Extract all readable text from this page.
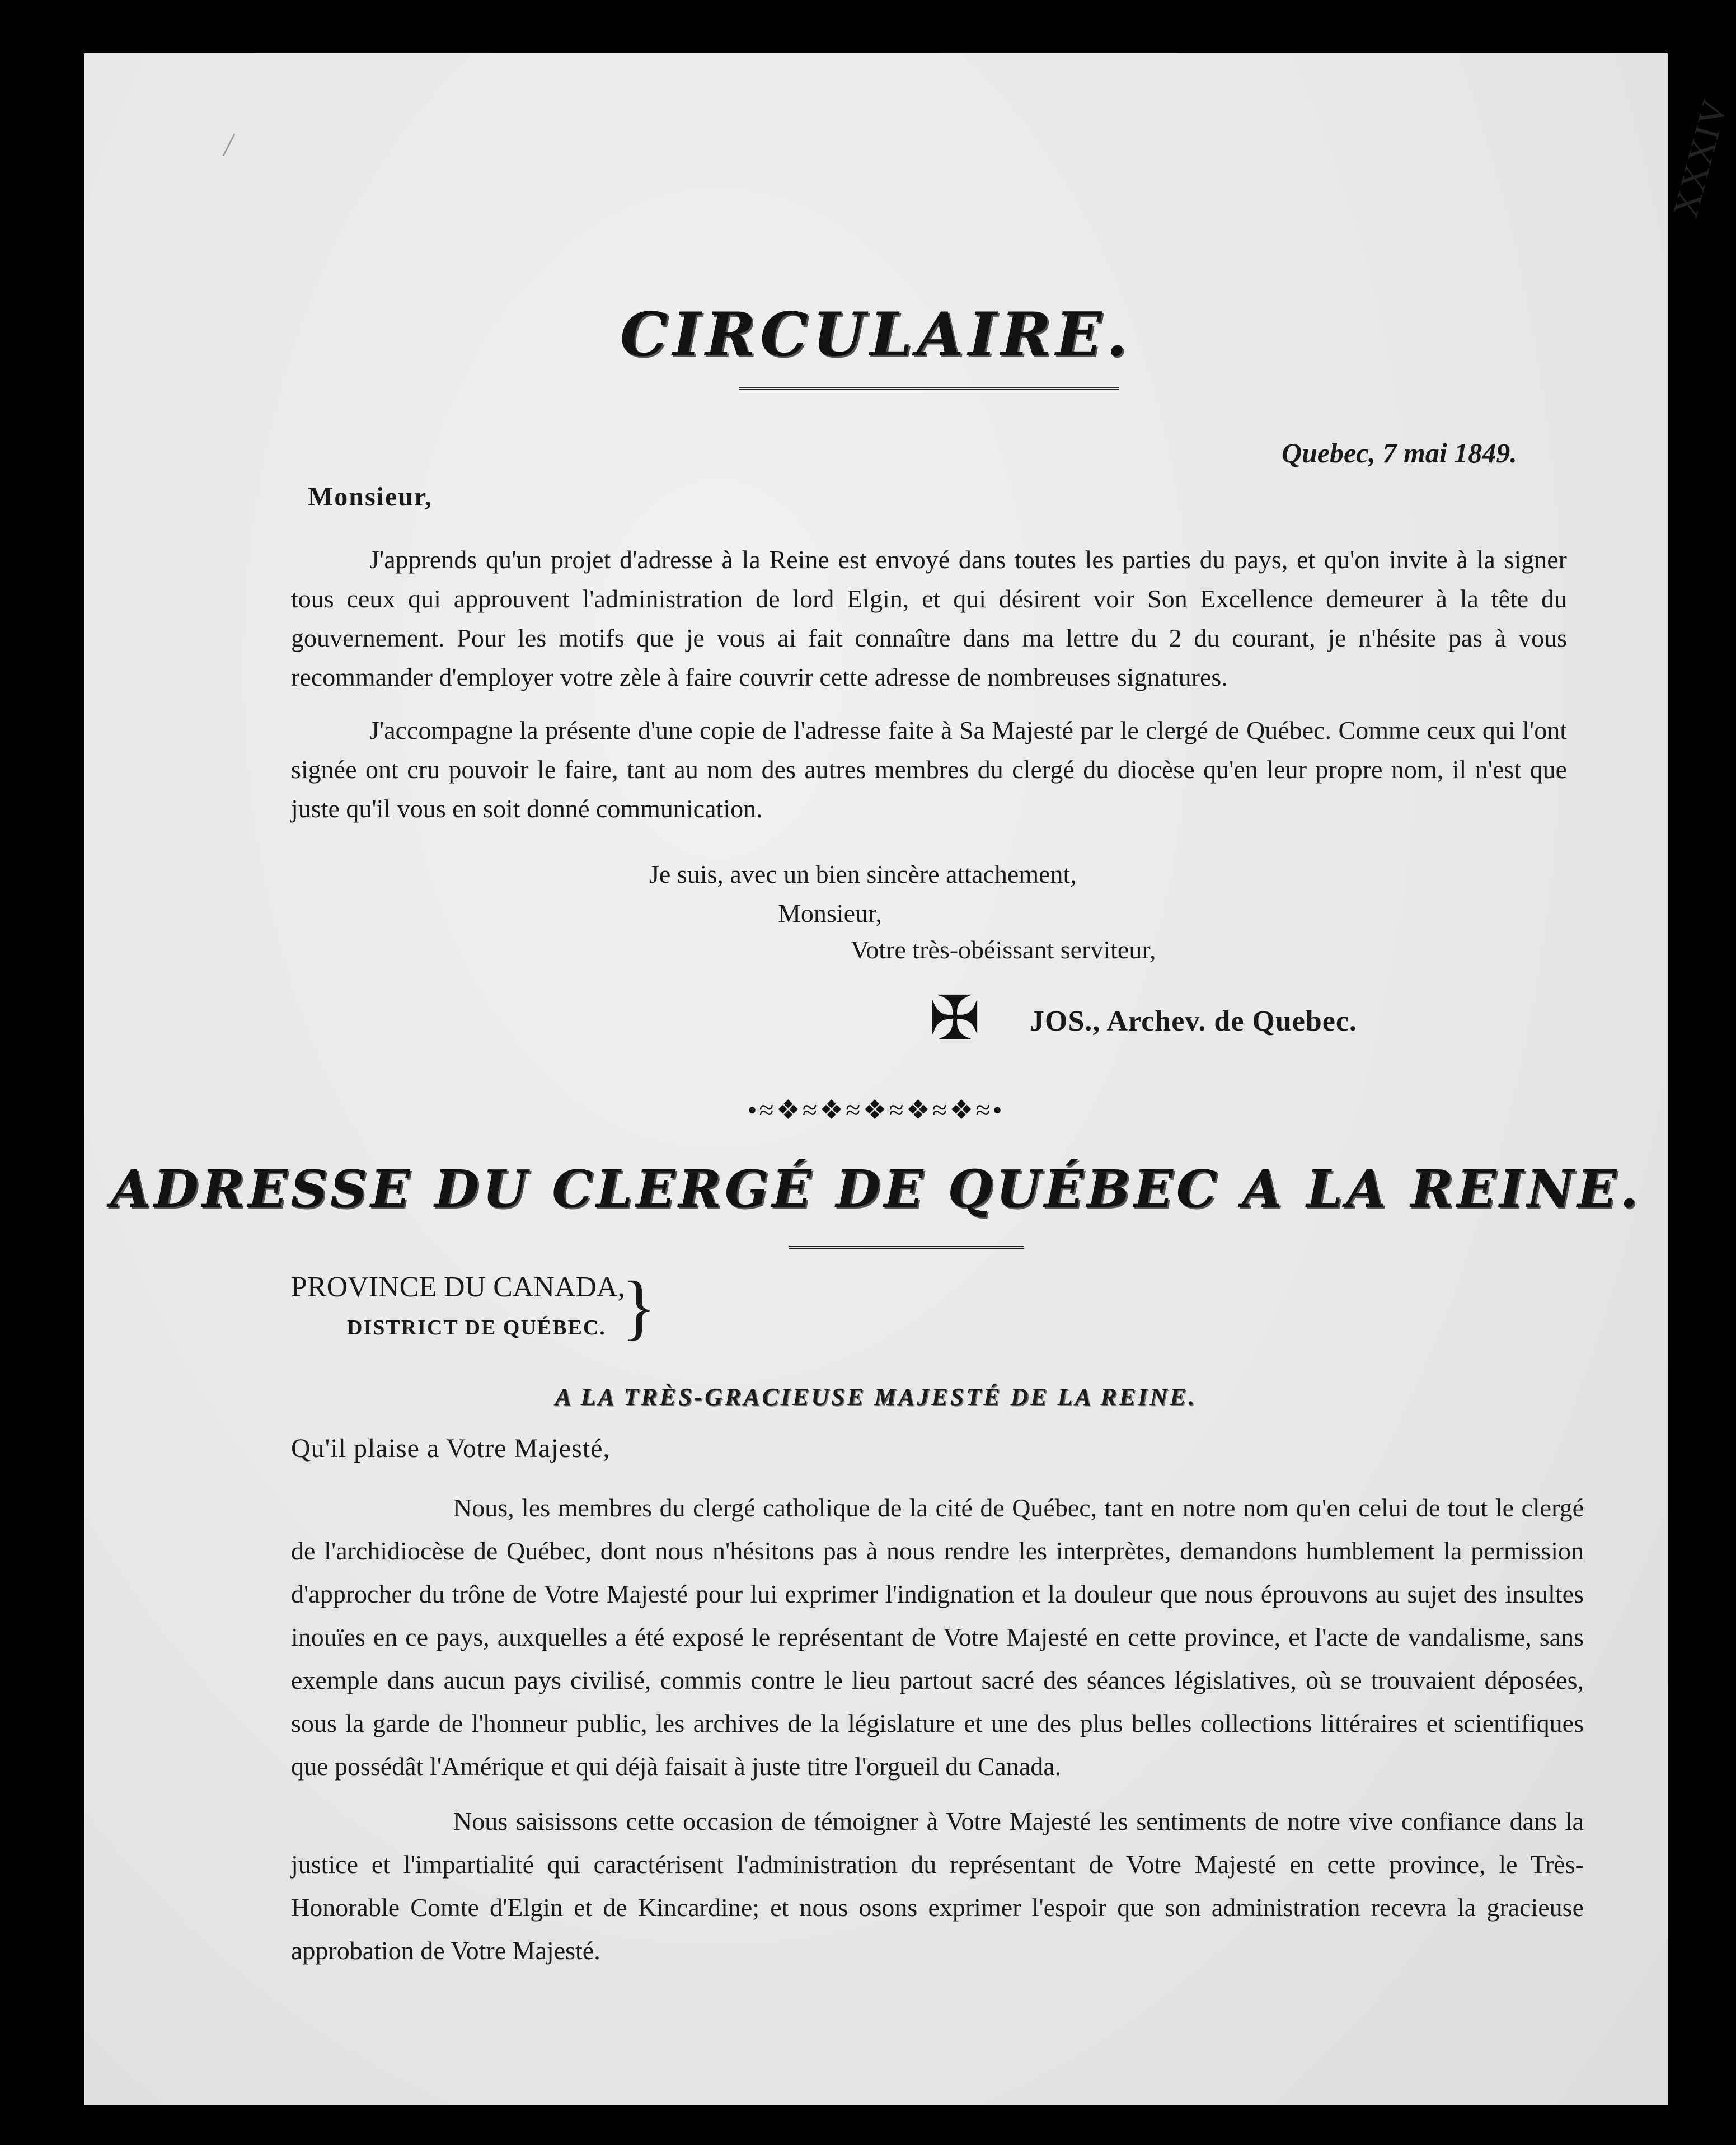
XXXIV
/
CIRCULAIRE.
Quebec, 7 mai 1849.
Monsieur,
J'apprends qu'un projet d'adresse à la Reine est envoyé dans toutes les parties du pays, et qu'on invite à la signer tous ceux qui approuvent l'administration de lord Elgin, et qui désirent voir Son Excellence demeurer à la tête du gouvernement. Pour les motifs que je vous ai fait connaître dans ma lettre du 2 du courant, je n'hésite pas à vous recommander d'employer votre zèle à faire couvrir cette adresse de nombreuses signatures.
J'accompagne la présente d'une copie de l'adresse faite à Sa Majesté par le clergé de Québec. Comme ceux qui l'ont signée ont cru pouvoir le faire, tant au nom des autres membres du clergé du diocèse qu'en leur propre nom, il n'est que juste qu'il vous en soit donné communication.
Je suis, avec un bien sincère attachement,
Monsieur,
Votre très-obéissant serviteur,
✠ JOS., Archev. de Quebec.
•≈❖≈❖≈❖≈❖≈❖≈•
ADRESSE DU CLERGÉ DE QUÉBEC A LA REINE.
PROVINCE DU CANADA,
DISTRICT DE QUÉBEC. }
A LA TRÈS-GRACIEUSE MAJESTÉ DE LA REINE.
Qu'il plaise a Votre Majesté,
Nous, les membres du clergé catholique de la cité de Québec, tant en notre nom qu'en celui de tout le clergé de l'archidiocèse de Québec, dont nous n'hésitons pas à nous rendre les interprètes, demandons humblement la permission d'approcher du trône de Votre Majesté pour lui exprimer l'indignation et la douleur que nous éprouvons au sujet des insultes inouïes en ce pays, auxquelles a été exposé le représentant de Votre Majesté en cette province, et l'acte de vandalisme, sans exemple dans aucun pays civilisé, commis contre le lieu partout sacré des séances législatives, où se trouvaient déposées, sous la garde de l'honneur public, les archives de la législature et une des plus belles collections littéraires et scientifiques que possédât l'Amérique et qui déjà faisait à juste titre l'orgueil du Canada.
Nous saisissons cette occasion de témoigner à Votre Majesté les sentiments de notre vive confiance dans la justice et l'impartialité qui caractérisent l'administration du représentant de Votre Majesté en cette province, le Très-Honorable Comte d'Elgin et de Kincardine; et nous osons exprimer l'espoir que son administration recevra la gracieuse approbation de Votre Majesté.
